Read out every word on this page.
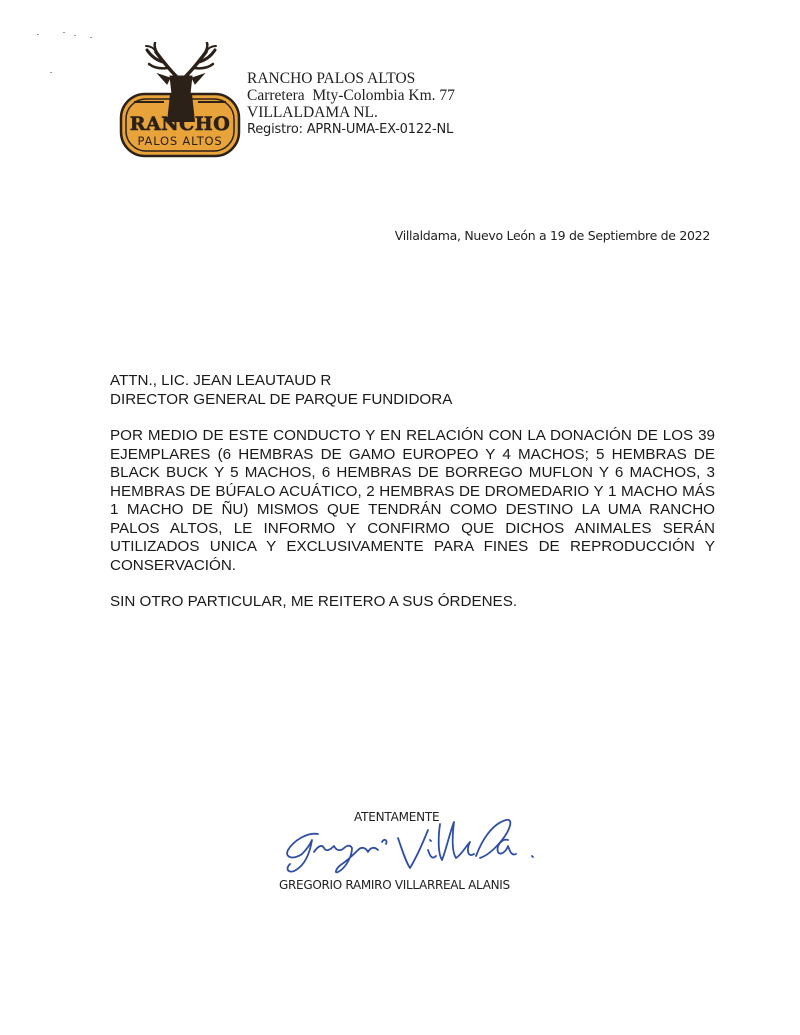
RANCHO
PALOS ALTOS
RANCHO PALOS ALTOS
Carretera  Mty-Colombia Km. 77
VILLALDAMA NL.
Registro: APRN-UMA-EX-0122-NL
Villaldama, Nuevo León a 19 de Septiembre de 2022

ATTN., LIC. JEAN LEAUTAUD R

DIRECTOR GENERAL DE PARQUE FUNDIDORA

POR MEDIO DE ESTE CONDUCTO Y EN RELACIÓN CON LA DONACIÓN DE LOS 39 EJEMPLARES (6 HEMBRAS DE GAMO EUROPEO Y 4 MACHOS; 5 HEMBRAS DE BLACK BUCK Y 5 MACHOS, 6 HEMBRAS DE BORREGO MUFLON Y 6 MACHOS, 3 HEMBRAS DE BÚFALO ACUÁTICO, 2 HEMBRAS DE DROMEDARIO Y 1 MACHO MÁS 1 MACHO DE ÑU) MISMOS QUE TENDRÁN COMO DESTINO LA UMA RANCHO PALOS ALTOS, LE INFORMO Y CONFIRMO QUE DICHOS ANIMALES SERÁN UTILIZADOS UNICA Y EXCLUSIVAMENTE PARA FINES DE REPRODUCCIÓN Y CONSERVACIÓN.

SIN OTRO PARTICULAR, ME REITERO A SUS ÓRDENES.

ATENTAMENTE
GREGORIO RAMIRO VILLARREAL ALANIS
